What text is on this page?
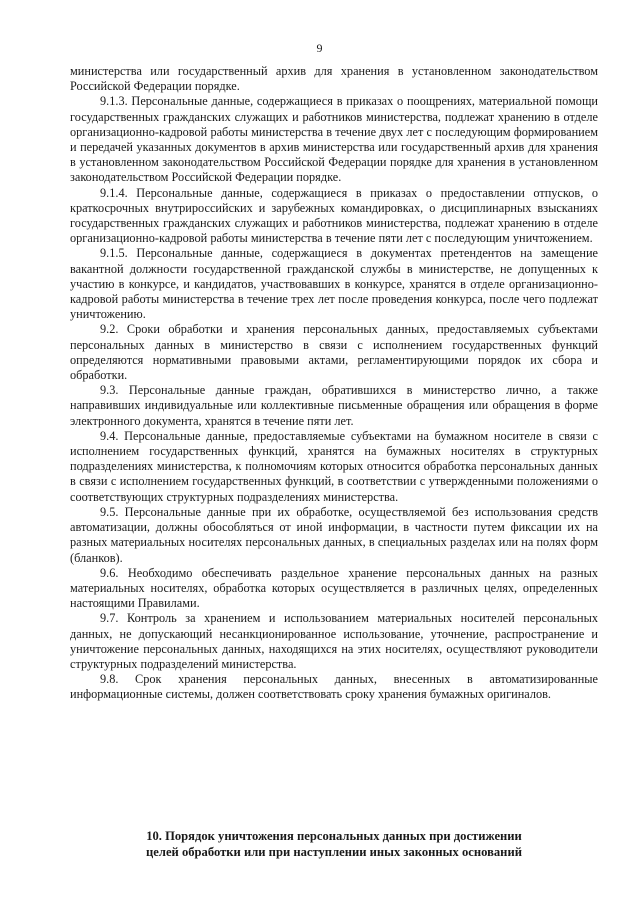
9

министерства или государственный архив для хранения в установленном законодательством Российской Федерации порядке.

9.1.3. Персональные данные, содержащиеся в приказах о поощрениях, материальной помощи государственных гражданских служащих и работников министерства, подлежат хранению в отделе организационно-кадровой работы министерства в течение двух лет с последующим формированием и передачей указанных документов в архив министерства или государственный архив для хранения в установленном законодательством Российской Федерации порядке для хранения в установленном законодательством Российской Федерации порядке.

9.1.4. Персональные данные, содержащиеся в приказах о предоставлении отпусков, о краткосрочных внутрироссийских и зарубежных командировках, о дисциплинарных взысканиях государственных гражданских служащих и работников министерства, подлежат хранению в отделе организационно-кадровой работы министерства в течение пяти лет с последующим уничтожением.

9.1.5. Персональные данные, содержащиеся в документах претендентов на замещение вакантной должности государственной гражданской службы в министерстве, не допущенных к участию в конкурсе, и кандидатов, участвовавших в конкурсе, хранятся в отделе организационно-кадровой работы министерства в течение трех лет после проведения конкурса, после чего подлежат уничтожению.

9.2. Сроки обработки и хранения персональных данных, предоставляемых субъектами персональных данных в министерство в связи с исполнением государственных функций определяются нормативными правовыми актами, регламентирующими порядок их сбора и обработки.

9.3. Персональные данные граждан, обратившихся в министерство лично, а также направивших индивидуальные или коллективные письменные обращения или обращения в форме электронного документа, хранятся в течение пяти лет.

9.4. Персональные данные, предоставляемые субъектами на бумажном носителе в связи с исполнением государственных функций, хранятся на бумажных носителях в структурных подразделениях министерства, к полномочиям которых относится обработка персональных данных в связи с исполнением государственных функций, в соответствии с утвержденными положениями о соответствующих структурных подразделениях министерства.

9.5. Персональные данные при их обработке, осуществляемой без использования средств автоматизации, должны обособляться от иной информации, в частности путем фиксации их на разных материальных носителях персональных данных, в специальных разделах или на полях форм (бланков).

9.6. Необходимо обеспечивать раздельное хранение персональных данных на разных материальных носителях, обработка которых осуществляется в различных целях, определенных настоящими Правилами.

9.7. Контроль за хранением и использованием материальных носителей персональных данных, не допускающий несанкционированное использование, уточнение, распространение и уничтожение персональных данных, находящихся на этих носителях, осуществляют руководители структурных подразделений министерства.

9.8. Срок хранения персональных данных, внесенных в автоматизированные информационные системы, должен соответствовать сроку хранения бумажных оригиналов.

10. Порядок уничтожения персональных данных при достижении
целей обработки или при наступлении иных законных оснований
